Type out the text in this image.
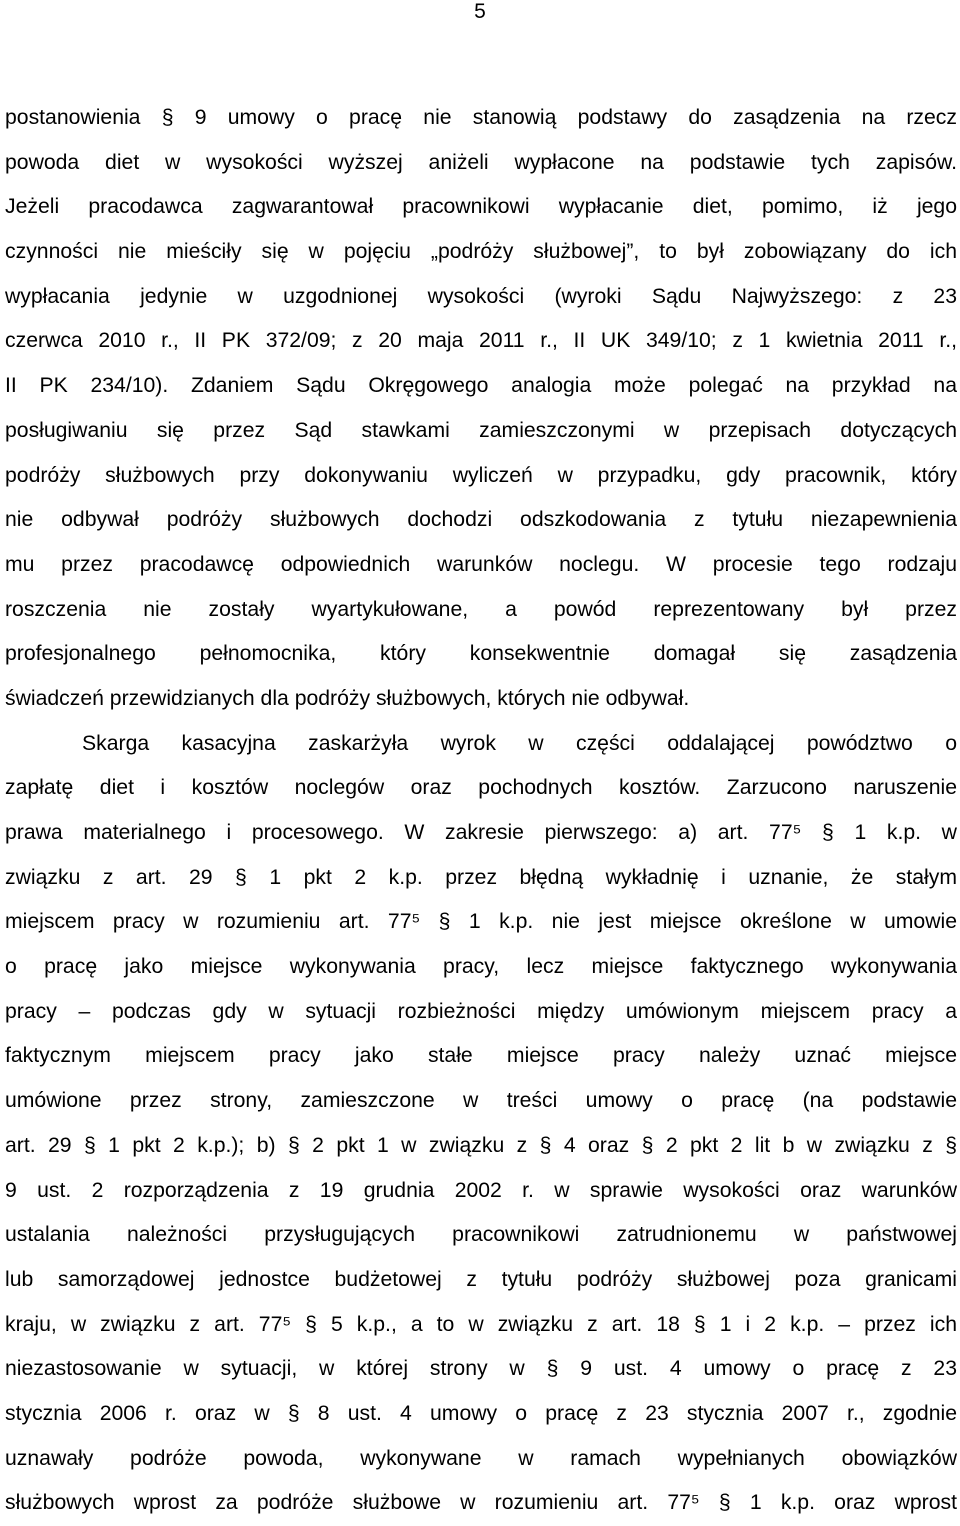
5
postanowienia § 9 umowy o pracę nie stanowią podstawy do zasądzenia na rzecz
powoda diet w wysokości wyższej aniżeli wypłacone na podstawie tych zapisów.
Jeżeli pracodawca zagwarantował pracownikowi wypłacanie diet, pomimo, iż jego
czynności nie mieściły się w pojęciu „podróży służbowej”, to był zobowiązany do ich
wypłacania jedynie w uzgodnionej wysokości (wyroki Sądu Najwyższego: z 23
czerwca 2010 r., II PK 372/09; z 20 maja 2011 r., II UK 349/10; z 1 kwietnia 2011 r.,
II PK 234/10). Zdaniem Sądu Okręgowego analogia może polegać na przykład na
posługiwaniu się przez Sąd stawkami zamieszczonymi w przepisach dotyczących
podróży służbowych przy dokonywaniu wyliczeń w przypadku, gdy pracownik, który
nie odbywał podróży służbowych dochodzi odszkodowania z tytułu niezapewnienia
mu przez pracodawcę odpowiednich warunków noclegu. W procesie tego rodzaju
roszczenia nie zostały wyartykułowane, a powód reprezentowany był przez
profesjonalnego pełnomocnika, który konsekwentnie domagał się zasądzenia
świadczeń przewidzianych dla podróży służbowych, których nie odbywał.
Skarga kasacyjna zaskarżyła wyrok w części oddalającej powództwo o
zapłatę diet i kosztów noclegów oraz pochodnych kosztów. Zarzucono naruszenie
prawa materialnego i procesowego. W zakresie pierwszego: a) art. 77⁵ § 1 k.p. w
związku z art. 29 § 1 pkt 2 k.p. przez błędną wykładnię i uznanie, że stałym
miejscem pracy w rozumieniu art. 77⁵ § 1 k.p. nie jest miejsce określone w umowie
o pracę jako miejsce wykonywania pracy, lecz miejsce faktycznego wykonywania
pracy – podczas gdy w sytuacji rozbieżności między umówionym miejscem pracy a
faktycznym miejscem pracy jako stałe miejsce pracy należy uznać miejsce
umówione przez strony, zamieszczone w treści umowy o pracę (na podstawie
art. 29 § 1 pkt 2 k.p.); b) § 2 pkt 1 w związku z § 4 oraz § 2 pkt 2 lit b w związku z §
9 ust. 2 rozporządzenia z 19 grudnia 2002 r. w sprawie wysokości oraz warunków
ustalania należności przysługujących pracownikowi zatrudnionemu w państwowej
lub samorządowej jednostce budżetowej z tytułu podróży służbowej poza granicami
kraju, w związku z art. 77⁵ § 5 k.p., a to w związku z art. 18 § 1 i 2 k.p. – przez ich
niezastosowanie w sytuacji, w której strony w § 9 ust. 4 umowy o pracę z 23
stycznia 2006 r. oraz w § 8 ust. 4 umowy o pracę z 23 stycznia 2007 r., zgodnie
uznawały podróże powoda, wykonywane w ramach wypełnianych obowiązków
służbowych wprost za podróże służbowe w rozumieniu art. 77⁵ § 1 k.p. oraz wprost
